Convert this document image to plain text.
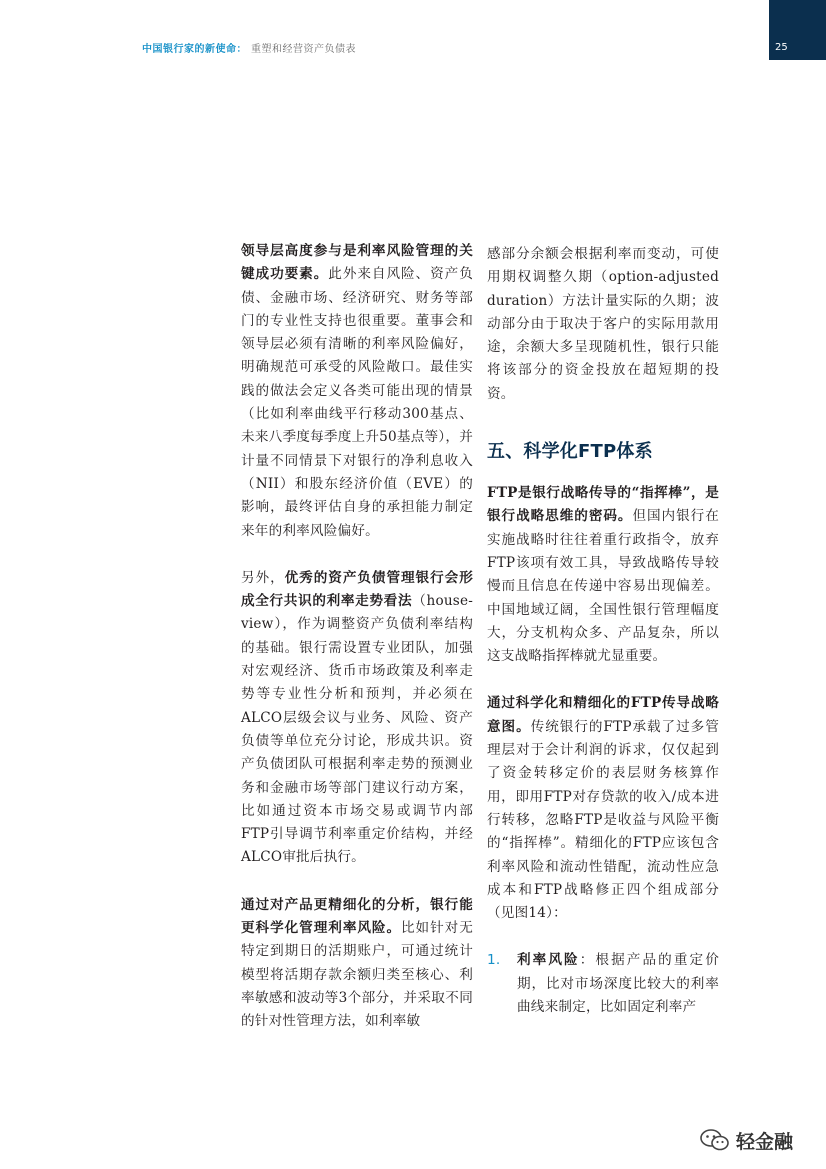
中国银行家的新使命： 重塑和经营资产负债表	25

领导层高度参与是利率风险管理的关键成功要素。此外来自风险、资产负债、金融市场、经济研究、财务等部门的专业性支持也很重要。董事会和领导层必须有清晰的利率风险偏好，明确规范可承受的风险敞口。最佳实践的做法会定义各类可能出现的情景（比如利率曲线平行移动300基点、未来八季度每季度上升50基点等），并计量不同情景下对银行的净利息收入（NII）和股东经济价值（EVE）的影响，最终评估自身的承担能力制定来年的利率风险偏好。

另外，优秀的资产负债管理银行会形成全行共识的利率走势看法（house-view），作为调整资产负债利率结构的基础。银行需设置专业团队，加强对宏观经济、货币市场政策及利率走势等专业性分析和预判，并必须在ALCO层级会议与业务、风险、资产负债等单位充分讨论，形成共识。资产负债团队可根据利率走势的预测业务和金融市场等部门建议行动方案，比如通过资本市场交易或调节内部FTP引导调节利率重定价结构，并经ALCO审批后执行。

通过对产品更精细化的分析，银行能更科学化管理利率风险。比如针对无特定到期日的活期账户，可通过统计模型将活期存款余额归类至核心、利率敏感和波动等3个部分，并采取不同的针对性管理方法，如利率敏

感部分余额会根据利率而变动，可使用期权调整久期（option-adjusted duration）方法计量实际的久期；波动部分由于取决于客户的实际用款用途，余额大多呈现随机性，银行只能将该部分的资金投放在超短期的投资。

五、科学化FTP体系

FTP是银行战略传导的“指挥棒”，是银行战略思维的密码。但国内银行在实施战略时往往着重行政指令，放弃FTP该项有效工具，导致战略传导较慢而且信息在传递中容易出现偏差。中国地域辽阔，全国性银行管理幅度大，分支机构众多、产品复杂，所以这支战略指挥棒就尤显重要。

通过科学化和精细化的FTP传导战略意图。传统银行的FTP承载了过多管理层对于会计利润的诉求，仅仅起到了资金转移定价的表层财务核算作用，即用FTP对存贷款的收入/成本进行转移，忽略FTP是收益与风险平衡的“指挥棒”。精细化的FTP应该包含利率风险和流动性错配，流动性应急成本和FTP战略修正四个组成部分（见图14）：

1.	利率风险：根据产品的重定价期，比对市场深度比较大的利率曲线来制定，比如固定利率产
轻金融
